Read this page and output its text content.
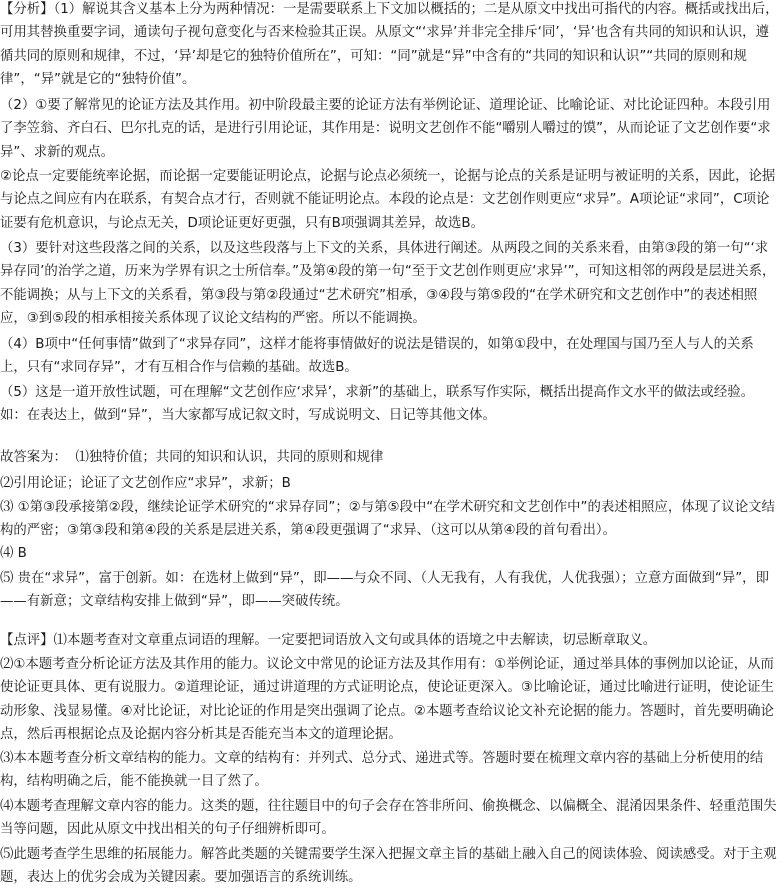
【分析】（1）解说其含义基本上分为两种情况：一是需要联系上下文加以概括的；二是从原文中找出可指代的内容。概括或找出后，可用其替换重要字词，通读句子视句意变化与否来检验其正误。从原文“‘求异’并非完全排斥‘同’，‘异’也含有共同的知识和认识，遵循共同的原则和规律，不过，‘异’却是它的独特价值所在”，可知：“同”就是“异”中含有的“共同的知识和认识”“共同的原则和规律”，“异”就是它的“独特价值”。

（2）①要了解常见的论证方法及其作用。初中阶段最主要的论证方法有举例论证、道理论证、比喻论证、对比论证四种。本段引用了李笠翁、齐白石、巴尔扎克的话，是进行引用论证，其作用是：说明文艺创作不能“嚼别人嚼过的馍”，从而论证了文艺创作要“求异”、求新的观点。

②论点一定要能统率论据，而论据一定要能证明论点，论据与论点必须统一，论据与论点的关系是证明与被证明的关系，因此，论据与论点之间应有内在联系，有契合点才行，否则就不能证明论点。本段的论点是：文艺创作则更应“求异”。A项论证“求同”，C项论证要有危机意识，与论点无关，D项论证更好更强，只有B项强调其差异，故选B。

（3）要针对这些段落之间的关系，以及这些段落与上下文的关系，具体进行阐述。从两段之间的关系来看，由第③段的第一句“‘求异存同’的治学之道，历来为学界有识之士所信奉。”及第④段的第一句“至于文艺创作则更应‘求异’”，可知这相邻的两段是层进关系，不能调换；从与上下文的关系看，第③段与第②段通过“艺术研究”相承，③④段与第⑤段的“在学术研究和文艺创作中”的表述相照应，③到⑤段的相承相接关系体现了议论文结构的严密。所以不能调换。

（4）B项中“任何事情”做到了“求异存同”，这样才能将事情做好的说法是错误的，如第①段中，在处理国与国乃至人与人的关系上，只有“求同存异”，才有互相合作与信赖的基础。故选B。

（5）这是一道开放性试题，可在理解“文艺创作应‘求异’，求新”的基础上，联系写作实际，概括出提高作文水平的做法或经验。如：在表达上，做到“异”，当大家都写成记叙文时，写成说明文、日记等其他文体。

故答案为：  ⑴独特价值；共同的知识和认识，共同的原则和规律

⑵引用论证；论证了文艺创作应“求异”，求新；B

⑶ ①第③段承接第②段，继续论证学术研究的“求异存同”；②与第⑤段中“在学术研究和文艺创作中”的表述相照应，体现了议论文结构的严密；③第③段和第④段的关系是层进关系，第④段更强调了“求异、（这可以从第④段的首句看出）。

⑷ B

⑸ 贵在“求异”，富于创新。如：在选材上做到“异”，即——与众不同、（人无我有，人有我优，人优我强）；立意方面做到“异”，即——有新意；文章结构安排上做到“异”，即——突破传统。

【点评】⑴本题考查对文章重点词语的理解。一定要把词语放入文句或具体的语境之中去解读，切忌断章取义。

⑵①本题考查分析论证方法及其作用的能力。议论文中常见的论证方法及其作用有：①举例论证，通过举具体的事例加以论证，从而使论证更具体、更有说服力。②道理论证，通过讲道理的方式证明论点，使论证更深入。③比喻论证，通过比喻进行证明，使论证生动形象、浅显易懂。④对比论证，对比论证的作用是突出强调了论点。②本题考查给议论文补充论据的能力。答题时，首先要明确论点，然后再根据论点及论据内容分析其是否能充当本文的道理论据。

⑶本本题考查分析文章结构的能力。文章的结构有：并列式、总分式、递进式等。答题时要在梳理文章内容的基础上分析使用的结构，结构明确之后，能不能换就一目了然了。

⑷本题考查理解文章内容的能力。这类的题，往往题目中的句子会存在答非所问、偷换概念、以偏概全、混淆因果条件、轻重范围失当等问题，因此从原文中找出相关的句子仔细辨析即可。

⑸此题考查学生思维的拓展能力。解答此类题的关键需要学生深入把握文章主旨的基础上融入自己的阅读体验、阅读感受。对于主观题，表达上的优劣会成为关键因素。要加强语言的系统训练。
